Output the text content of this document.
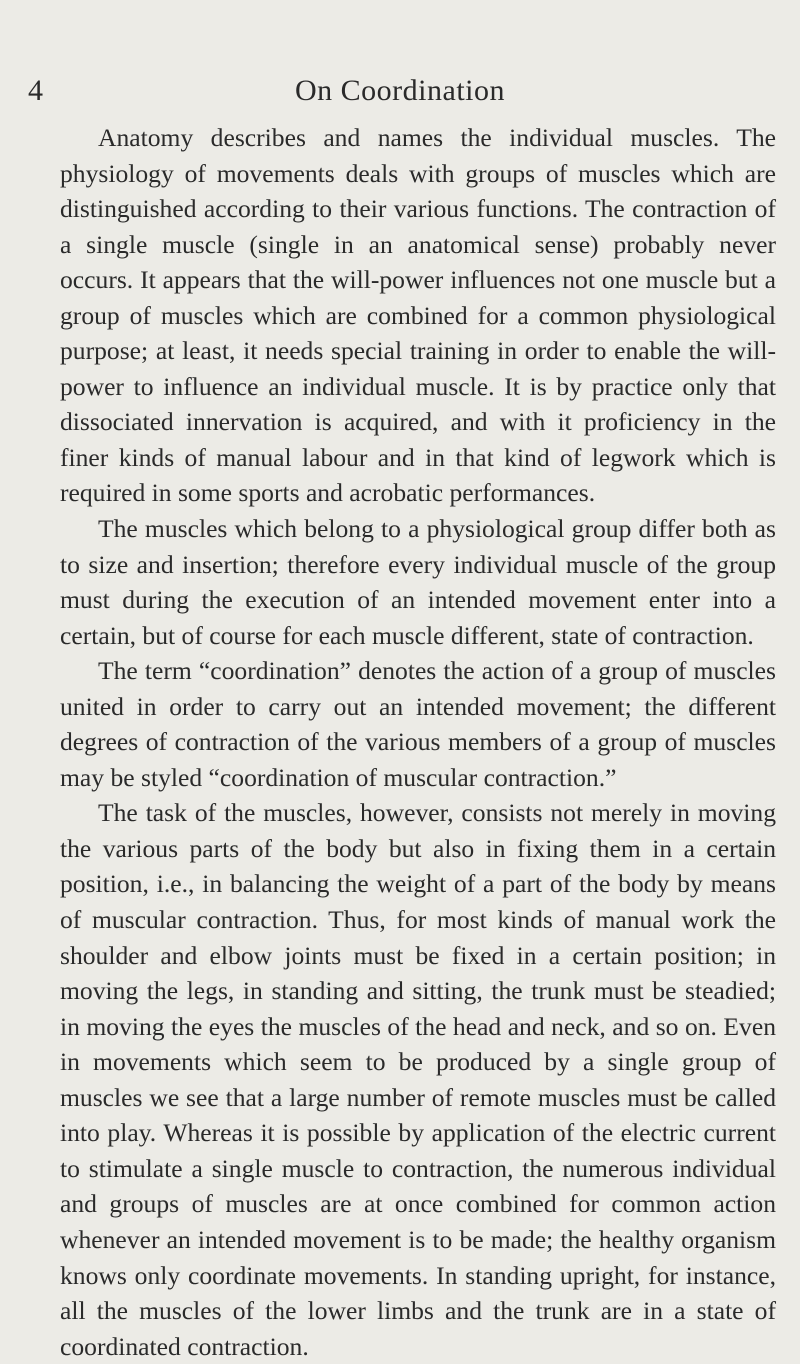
4	On Coordination

Anatomy describes and names the individual muscles. The physiology of movements deals with groups of muscles which are distinguished according to their various functions. The contraction of a single muscle (single in an anatomical sense) probably never occurs. It appears that the will-power influences not one muscle but a group of muscles which are combined for a common physiological purpose; at least, it needs special training in order to enable the will-power to influence an individual muscle. It is by practice only that dissociated innervation is acquired, and with it proficiency in the finer kinds of manual labour and in that kind of legwork which is required in some sports and acrobatic performances.

The muscles which belong to a physiological group differ both as to size and insertion; therefore every individual muscle of the group must during the execution of an intended movement enter into a certain, but of course for each muscle different, state of contraction.

The term “coordination” denotes the action of a group of muscles united in order to carry out an intended movement; the different degrees of contraction of the various members of a group of muscles may be styled “coordination of muscular contraction.”

The task of the muscles, however, consists not merely in moving the various parts of the body but also in fixing them in a certain position, i.e., in balancing the weight of a part of the body by means of muscular contraction. Thus, for most kinds of manual work the shoulder and elbow joints must be fixed in a certain position; in moving the legs, in standing and sitting, the trunk must be steadied; in moving the eyes the muscles of the head and neck, and so on. Even in movements which seem to be produced by a single group of muscles we see that a large number of remote muscles must be called into play. Whereas it is possible by application of the electric current to stimulate a single muscle to contraction, the numerous individual and groups of muscles are at once combined for common action whenever an intended movement is to be made; the healthy organism knows only coordinate movements. In standing upright, for instance, all the muscles of the lower limbs and the trunk are in a state of coordinated contraction.
